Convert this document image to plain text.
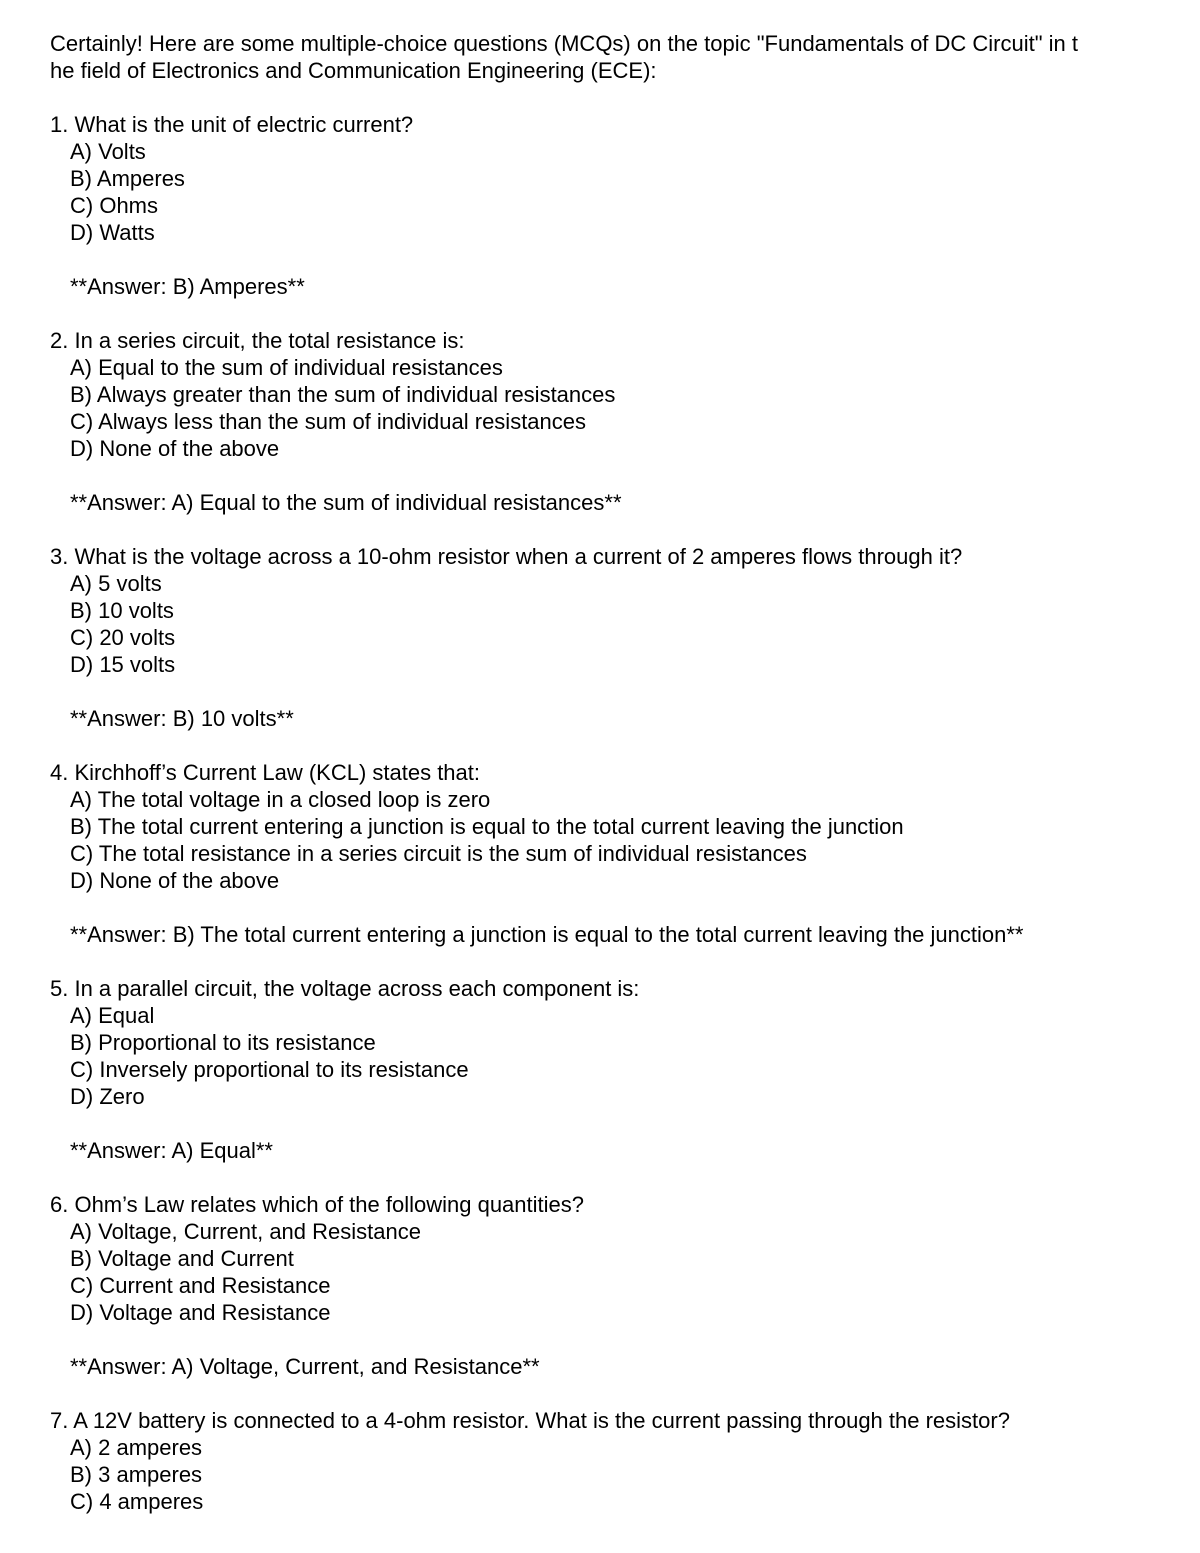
Certainly! Here are some multiple-choice questions (MCQs) on the topic "Fundamentals of DC Circuit" in t
he field of Electronics and Communication Engineering (ECE):
1. What is the unit of electric current?
A) Volts
B) Amperes
C) Ohms
D) Watts
**Answer: B) Amperes**
2. In a series circuit, the total resistance is:
A) Equal to the sum of individual resistances
B) Always greater than the sum of individual resistances
C) Always less than the sum of individual resistances
D) None of the above
**Answer: A) Equal to the sum of individual resistances**
3. What is the voltage across a 10-ohm resistor when a current of 2 amperes flows through it?
A) 5 volts
B) 10 volts
C) 20 volts
D) 15 volts
**Answer: B) 10 volts**
4. Kirchhoff’s Current Law (KCL) states that:
A) The total voltage in a closed loop is zero
B) The total current entering a junction is equal to the total current leaving the junction
C) The total resistance in a series circuit is the sum of individual resistances
D) None of the above
**Answer: B) The total current entering a junction is equal to the total current leaving the junction**
5. In a parallel circuit, the voltage across each component is:
A) Equal
B) Proportional to its resistance
C) Inversely proportional to its resistance
D) Zero
**Answer: A) Equal**
6. Ohm’s Law relates which of the following quantities?
A) Voltage, Current, and Resistance
B) Voltage and Current
C) Current and Resistance
D) Voltage and Resistance
**Answer: A) Voltage, Current, and Resistance**
7. A 12V battery is connected to a 4-ohm resistor. What is the current passing through the resistor?
A) 2 amperes
B) 3 amperes
C) 4 amperes
